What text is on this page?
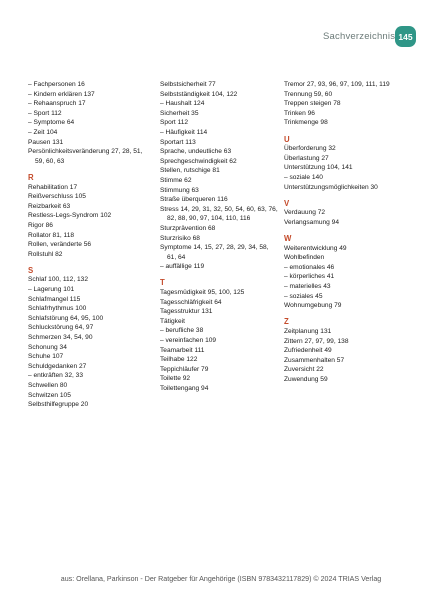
Sachverzeichnis 145
– Fachpersonen 16
– Kindern erklären 137
– Rehaanspruch 17
– Sport 112
– Symptome 64
– Zeit 104
Pausen 131
Persönlichkeitsveränderung 27, 28, 51, 59, 60, 63
R
Rehabilitation 17
Reißverschluss 105
Reizbarkeit 63
Restless-Legs-Syndrom 102
Rigor 86
Rollator 81, 118
Rollen, veränderte 56
Rollstuhl 82
S
Schlaf 100, 112, 132
– Lagerung 101
Schlafmangel 115
Schlafrhythmus 100
Schlafstörung 64, 95, 100
Schluckstörung 64, 97
Schmerzen 34, 54, 90
Schonung 34
Schuhe 107
Schuldgedanken 27
– entkräften 32, 33
Schwellen 80
Schwitzen 105
Selbsthilfegruppe 20
Selbstsicherheit 77
Selbstständigkeit 104, 122
– Haushalt 124
Sicherheit 35
Sport 112
– Häufigkeit 114
Sportart 113
Sprache, undeutliche 63
Sprechgeschwindigkeit 62
Stellen, rutschige 81
Stimme 62
Stimmung 63
Straße überqueren 116
Stress 14, 29, 31, 32, 50, 54, 60, 63, 76, 82, 88, 90, 97, 104, 110, 116
Sturzprävention 68
Sturzrisiko 68
Symptome 14, 15, 27, 28, 29, 34, 58, 61, 64
– auffällige 119
T
Tagesmüdigkeit 95, 100, 125
Tagesschläfrigkeit 64
Tagesstruktur 131
Tätigkeit
– berufliche 38
– vereinfachen 109
Teamarbeit 111
Teilhabe 122
Teppichläufer 79
Toilette 92
Toilettengang 94
Tremor 27, 93, 96, 97, 109, 111, 119
Trennung 59, 60
Treppen steigen 78
Trinken 96
Trinkmenge 98
U
Überforderung 32
Überlastung 27
Unterstützung 104, 141
– soziale 140
Unterstützungsmöglichkeiten 30
V
Verdauung 72
Verlangsamung 94
W
Weiterentwicklung 49
Wohlbefinden
– emotionales 46
– körperliches 41
– materielles 43
– soziales 45
Wohnumgebung 79
Z
Zeitplanung 131
Zittern 27, 97, 99, 138
Zufriedenheit 49
Zusammenhalten 57
Zuversicht 22
Zuwendung 59
aus: Orellana, Parkinson - Der Ratgeber für Angehörige (ISBN 9783432117829) © 2024 TRIAS Verlag
